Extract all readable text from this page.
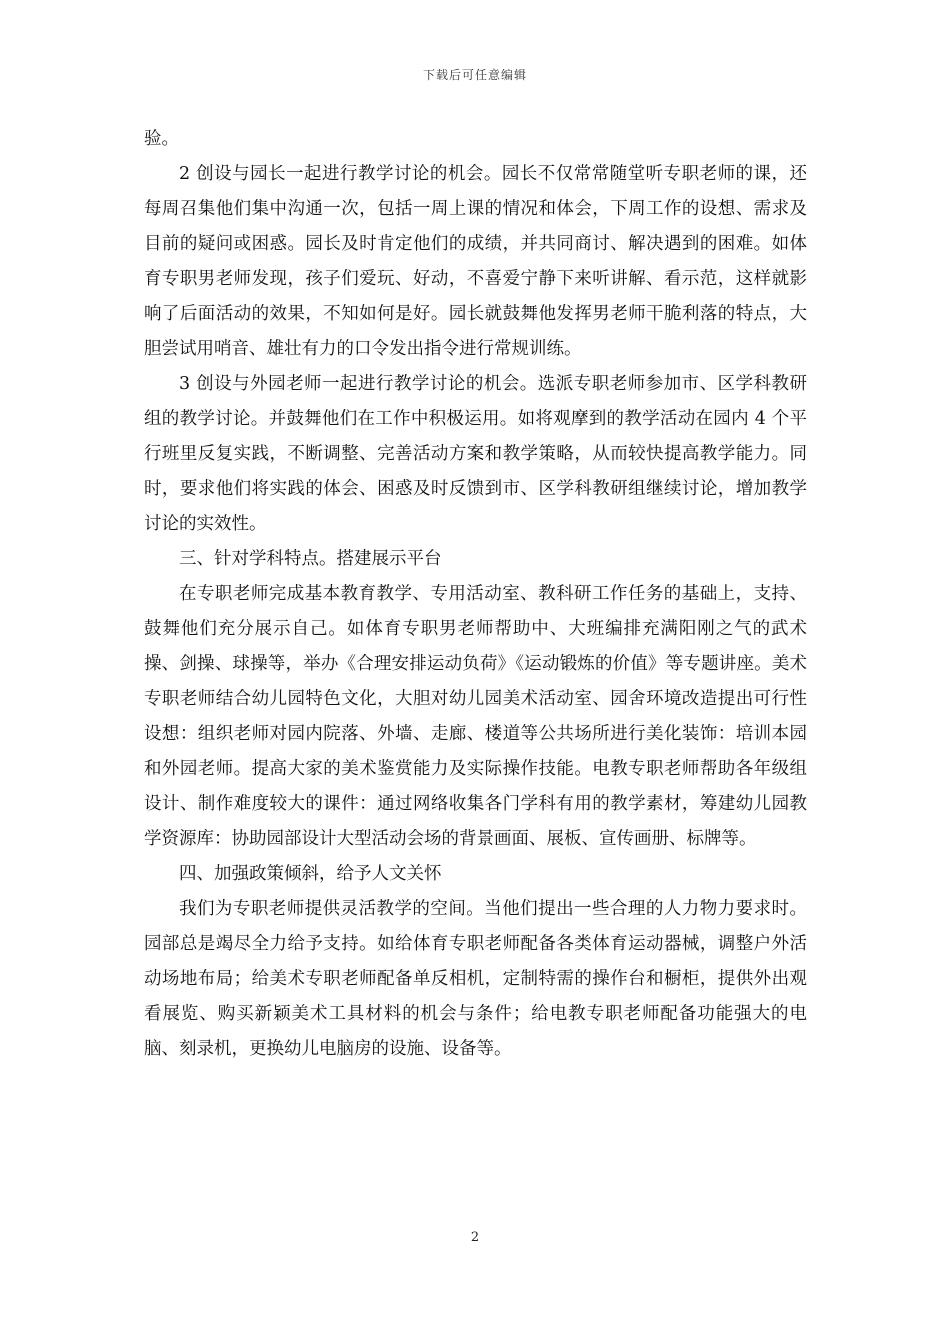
下载后可任意编辑

验。

2 创设与园长一起进行教学讨论的机会。园长不仅常常随堂听专职老师的课，还每周召集他们集中沟通一次，包括一周上课的情况和体会，下周工作的设想、需求及目前的疑问或困惑。园长及时肯定他们的成绩，并共同商讨、解决遇到的困难。如体育专职男老师发现，孩子们爱玩、好动，不喜爱宁静下来听讲解、看示范，这样就影响了后面活动的效果，不知如何是好。园长就鼓舞他发挥男老师干脆利落的特点，大胆尝试用哨音、雄壮有力的口令发出指令进行常规训练。

3 创设与外园老师一起进行教学讨论的机会。选派专职老师参加市、区学科教研组的教学讨论。并鼓舞他们在工作中积极运用。如将观摩到的教学活动在园内 4 个平行班里反复实践，不断调整、完善活动方案和教学策略，从而较快提高教学能力。同时，要求他们将实践的体会、困惑及时反馈到市、区学科教研组继续讨论，增加教学讨论的实效性。

三、针对学科特点。搭建展示平台

在专职老师完成基本教育教学、专用活动室、教科研工作任务的基础上，支持、鼓舞他们充分展示自己。如体育专职男老师帮助中、大班编排充满阳刚之气的武术操、剑操、球操等，举办《合理安排运动负荷》《运动锻炼的价值》等专题讲座。美术专职老师结合幼儿园特色文化，大胆对幼儿园美术活动室、园舍环境改造提出可行性设想：组织老师对园内院落、外墙、走廊、楼道等公共场所进行美化装饰：培训本园和外园老师。提高大家的美术鉴赏能力及实际操作技能。电教专职老师帮助各年级组设计、制作难度较大的课件：通过网络收集各门学科有用的教学素材，筹建幼儿园教学资源库：协助园部设计大型活动会场的背景画面、展板、宣传画册、标牌等。

四、加强政策倾斜，给予人文关怀

我们为专职老师提供灵活教学的空间。当他们提出一些合理的人力物力要求时。园部总是竭尽全力给予支持。如给体育专职老师配备各类体育运动器械，调整户外活动场地布局；给美术专职老师配备单反相机，定制特需的操作台和橱柜，提供外出观看展览、购买新颖美术工具材料的机会与条件；给电教专职老师配备功能强大的电脑、刻录机，更换幼儿电脑房的设施、设备等。

2
